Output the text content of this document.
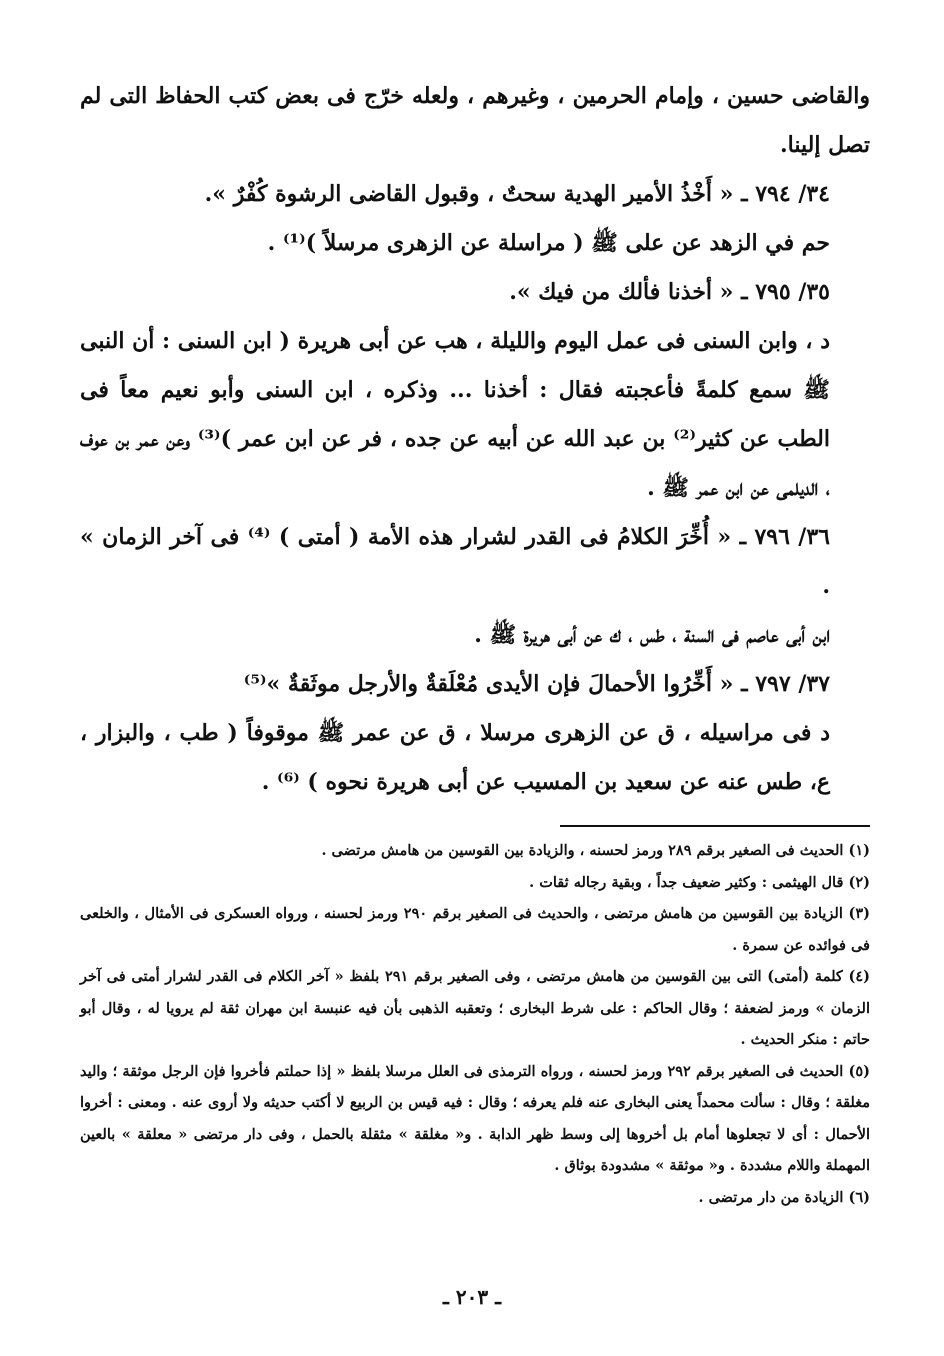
والقاضى حسين ، وإمام الحرمين ، وغيرهم ، ولعله خرّج فى بعض كتب الحفاظ التى لم تصل إلينا.

٣٤/ ٧٩٤ ـ « أَخْذُ الأمير الهدية سحتٌ ، وقبول القاضى الرشوة كُفْرٌ ».

حم في الزهد عن على ﷺ ( مراسلة عن الزهرى مرسلاً )⁽¹⁾ .

٣٥/ ٧٩٥ ـ « أخذنا فألك من فيك ».

د ، وابن السنى فى عمل اليوم والليلة ، هب عن أبى هريرة ( ابن السنى : أن النبى ﷺ سمع كلمةً فأعجبته فقال : أخذنا ... وذكره ، ابن السنى وأبو نعيم معاً فى الطب عن كثير⁽²⁾ بن عبد الله عن أبيه عن جده ، فر عن ابن عمر )⁽³⁾ وعن عمر بن عوف ، الديلمى عن ابن عمر ﷺ .

٣٦/ ٧٩٦ ـ « أُخِّرَ الكلامُ فى القدر لشرار هذه الأمة ( أمتى ) ⁽⁴⁾ فى آخر الزمان » .

ابن أبى عاصم فى السنة ، طس ، ك عن أبى هريرة ﷺ .

٣٧/ ٧٩٧ ـ « أَخِّرُوا الأحمالَ فإن الأيدى مُعْلَقةٌ والأرجل موثَقةٌ »⁽⁵⁾

د فى مراسيله ، ق عن الزهرى مرسلا ، ق عن عمر ﷺ موقوفاً ( طب ، والبزار ، ع، طس عنه عن سعيد بن المسيب عن أبى هريرة نحوه ) ⁽⁶⁾ .

(١) الحديث فى الصغير برقم ٢٨٩ ورمز لحسنه ، والزيادة بين القوسين من هامش مرتضى .

(٢) قال الهيثمى : وكثير ضعيف جداً ، وبقية رجاله ثقات .

(٣) الزيادة بين القوسين من هامش مرتضى ، والحديث فى الصغير برقم ٢٩٠ ورمز لحسنه ، ورواه العسكرى فى الأمثال ، والخلعى فى فوائده عن سمرة .

(٤) كلمة (أمتى) التى بين القوسين من هامش مرتضى ، وفى الصغير برقم ٢٩١ بلفظ « آخر الكلام فى القدر لشرار أمتى فى آخر الزمان » ورمز لضعفة ؛ وقال الحاكم : على شرط البخارى ؛ وتعقبه الذهبى بأن فيه عنبسة ابن مهران ثقة لم يرويا له ، وقال أبو حاتم : منكر الحديث .

(٥) الحديث فى الصغير برقم ٢٩٢ ورمز لحسنه ، ورواه الترمذى فى العلل مرسلا بلفظ « إذا حملتم فأخروا فإن الرجل موثقة ؛ واليد مغلقة ؛ وقال : سألت محمداً يعنى البخارى عنه فلم يعرفه ؛ وقال : فيه قيس بن الربيع لا أكتب حديثه ولا أروى عنه . ومعنى : أخروا الأحمال : أى لا تجعلوها أمام بل أخروها إلى وسط ظهر الدابة . و« مغلقة » مثقلة بالحمل ، وفى دار مرتضى « معلقة » بالعين المهملة واللام مشددة . و« موثقة » مشدودة بوثاق .

(٦) الزيادة من دار مرتضى .

ـ ٢٠٣ ـ
